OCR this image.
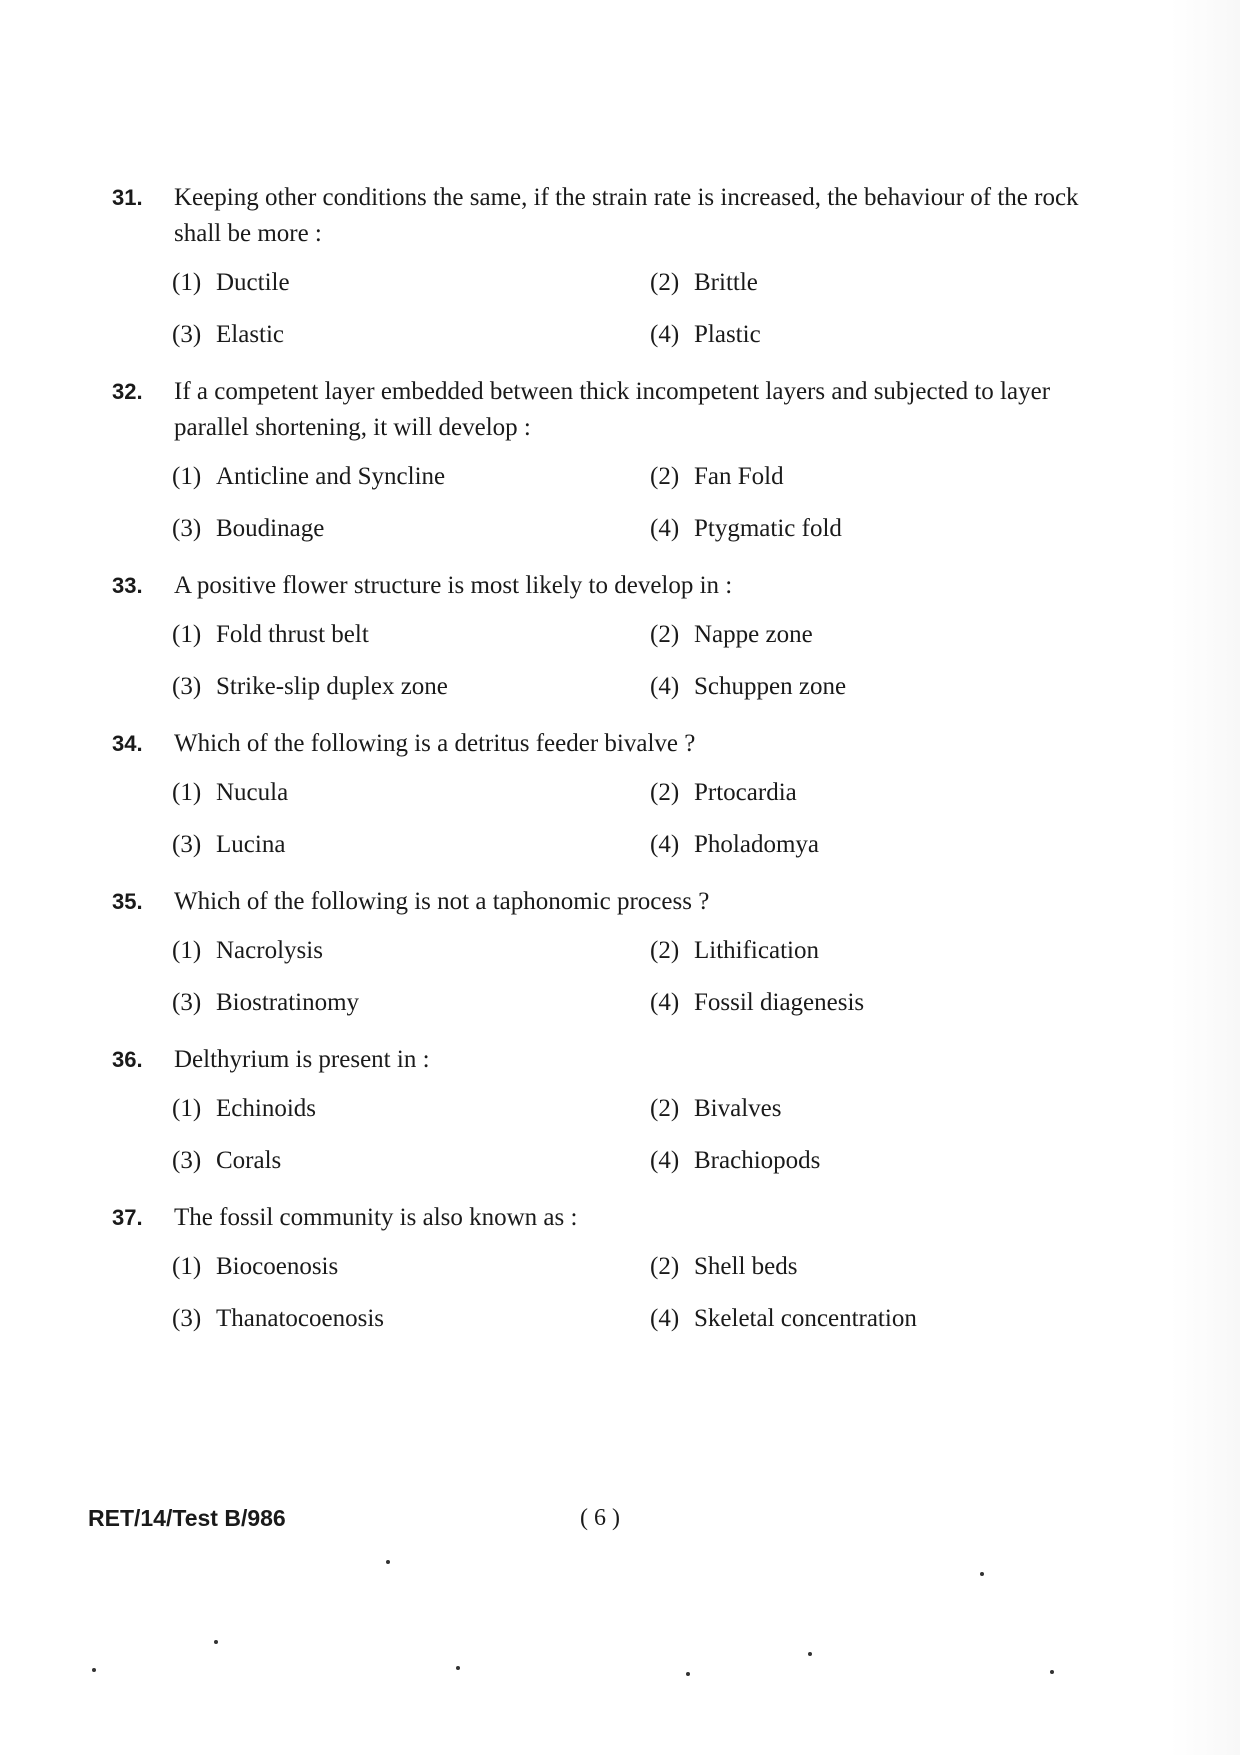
31.	Keeping other conditions the same, if the strain rate is increased, the behaviour of the rock shall be more :
(1) Ductile	(2) Brittle
(3) Elastic	(4) Plastic
32.	If a competent layer embedded between thick incompetent layers and subjected to layer parallel shortening, it will develop :
(1) Anticline and Syncline	(2) Fan Fold
(3) Boudinage	(4) Ptygmatic fold
33.	A positive flower structure is most likely to develop in :
(1) Fold thrust belt	(2) Nappe zone
(3) Strike-slip duplex zone	(4) Schuppen zone
34.	Which of the following is a detritus feeder bivalve ?
(1) Nucula	(2) Prtocardia
(3) Lucina	(4) Pholadomya
35.	Which of the following is not a taphonomic process ?
(1) Nacrolysis	(2) Lithification
(3) Biostratinomy	(4) Fossil diagenesis
36.	Delthyrium is present in :
(1) Echinoids	(2) Bivalves
(3) Corals	(4) Brachiopods
37.	The fossil community is also known as :
(1) Biocoenosis	(2) Shell beds
(3) Thanatocoenosis	(4) Skeletal concentration
RET/14/Test B/986	( 6 )
